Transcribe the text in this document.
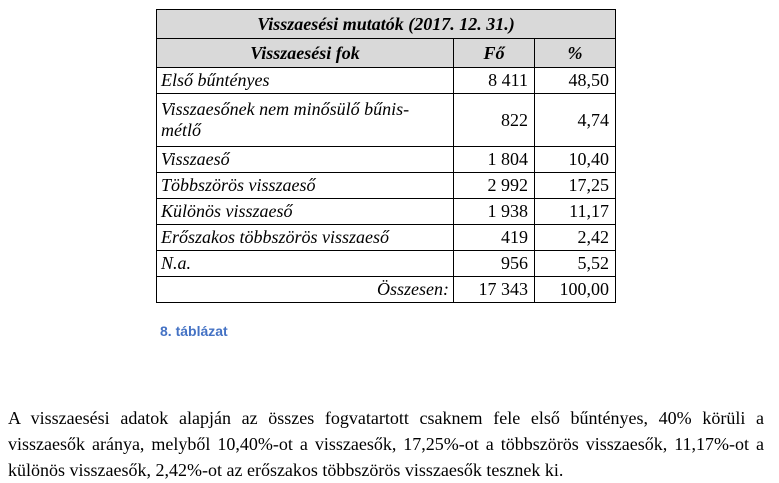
Visszaesési mutatók (2017. 12. 31.)		
Visszaesési fok	Fő	%
Első bűntényes	8 411	48,50
Visszaesőnek nem minősülő bűnis-
métlő	822	4,74
Visszaeső	1 804	10,40
Többszörös visszaeső	2 992	17,25
Különös visszaeső	1 938	11,17
Erőszakos többszörös visszaeső	419	2,42
N.a.	956	5,52
Összesen:	17 343	100,00
8. táblázat

A visszaesési adatok alapján az összes fogvatartott csaknem fele első bűntényes, 40% körüli a visszaesők aránya, melyből 10,40%-ot a visszaesők, 17,25%-ot a többszörös visszaesők, 11,17%-ot a különös visszaesők, 2,42%-ot az erőszakos többszörös visszaesők tesznek ki.
